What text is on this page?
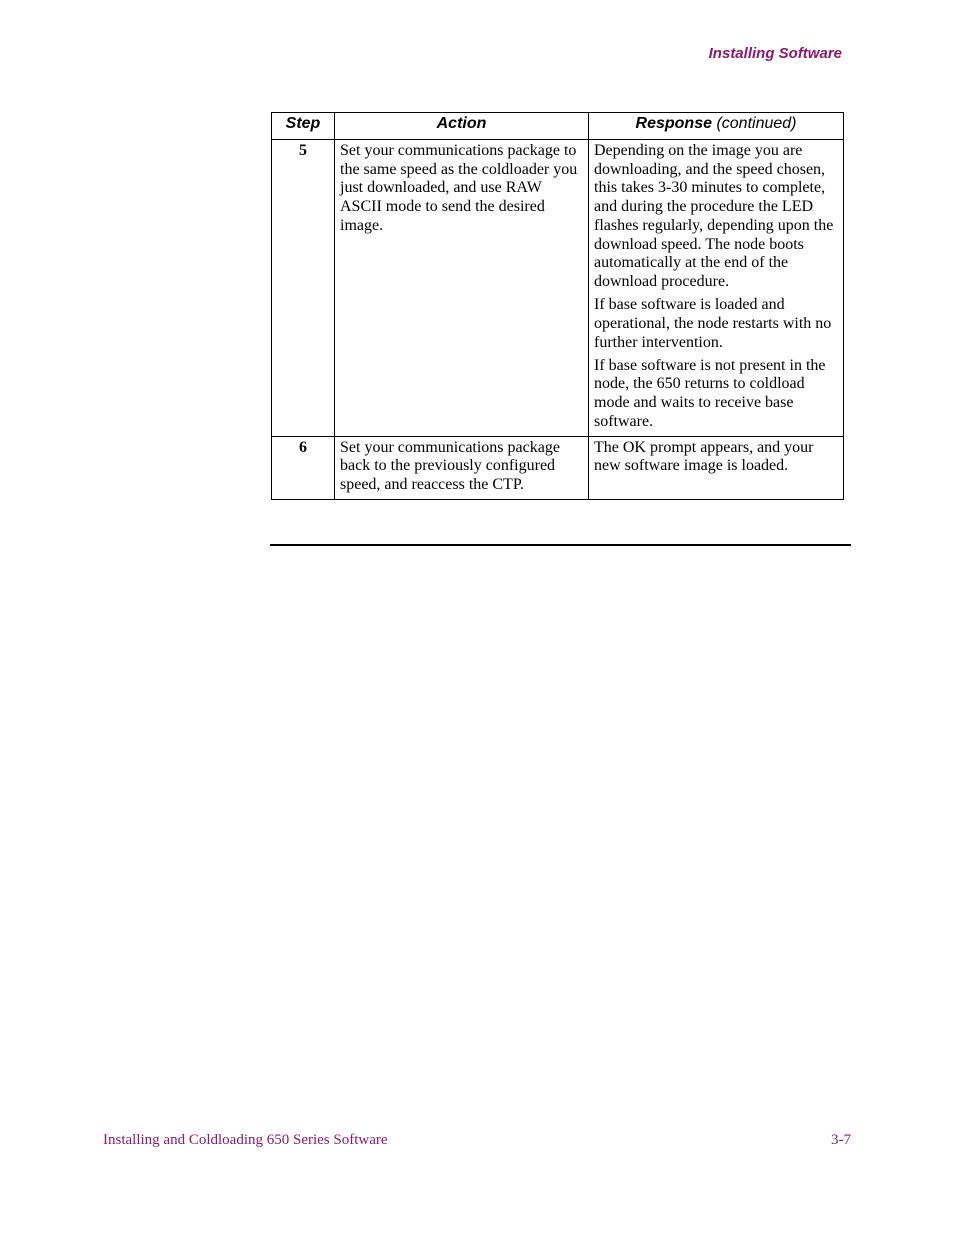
Installing Software
Step	Action	Response (continued)
5	Set your communications package to the same speed as the coldloader you just downloaded, and use RAW ASCII mode to send the desired image.	Depending on the image you are downloading, and the speed chosen, this takes 3-30 minutes to complete, and during the procedure the LED flashes regularly, depending upon the download speed. The node boots automatically at the end of the download procedure.

If base software is loaded and operational, the node restarts with no further intervention.

If base software is not present in the node, the 650 returns to coldload mode and waits to receive base software.

6	Set your communications package back to the previously configured speed, and reaccess the CTP.	The OK prompt appears, and your new software image is loaded.

Installing and Coldloading 650 Series Software	3-7
